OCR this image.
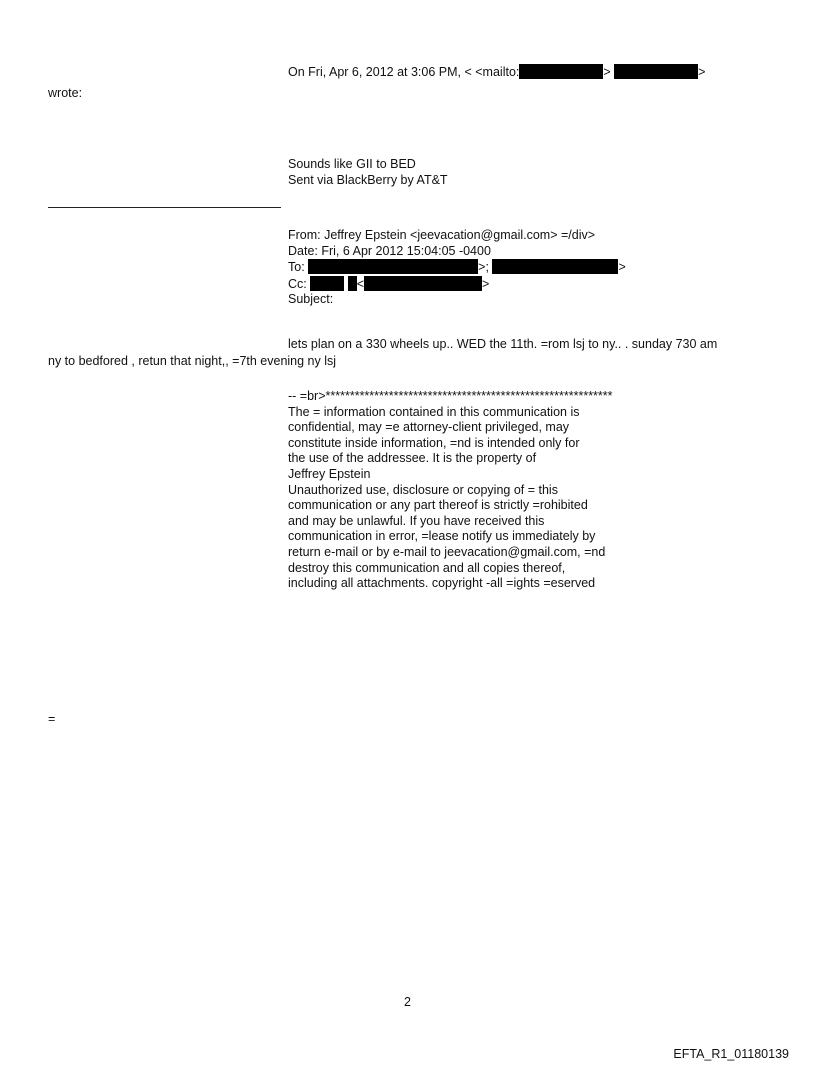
On Fri, Apr 6, 2012 at 3:06 PM, < <mailto:	>	>
wrote:
Sounds like GII to BED
Sent via BlackBerry by AT&T
From: Jeffrey Epstein <jeevacation@gmail.com> =/div>
Date: Fri, 6 Apr 2012 15:04:05 -0400
To:	>;	>
Cc:	<	>
Subject:
lets plan on a 330 wheels up.. WED the 11th. =rom lsj to ny.. . sunday 730 am
ny to bedfored , retun that night,, =7th evening ny lsj
-- =br>***********************************************************
The = information contained in this communication is
confidential, may =e attorney-client privileged, may
constitute inside information, =nd is intended only for
the use of the addressee. It is the property of
Jeffrey Epstein
Unauthorized use, disclosure or copying of = this
communication or any part thereof is strictly =rohibited
and may be unlawful. If you have received this
communication in error, =lease notify us immediately by
return e-mail or by e-mail to jeevacation@gmail.com, =nd
destroy this communication and all copies thereof,
including all attachments. copyright -all =ights =eserved
=
2
EFTA_R1_01180139
